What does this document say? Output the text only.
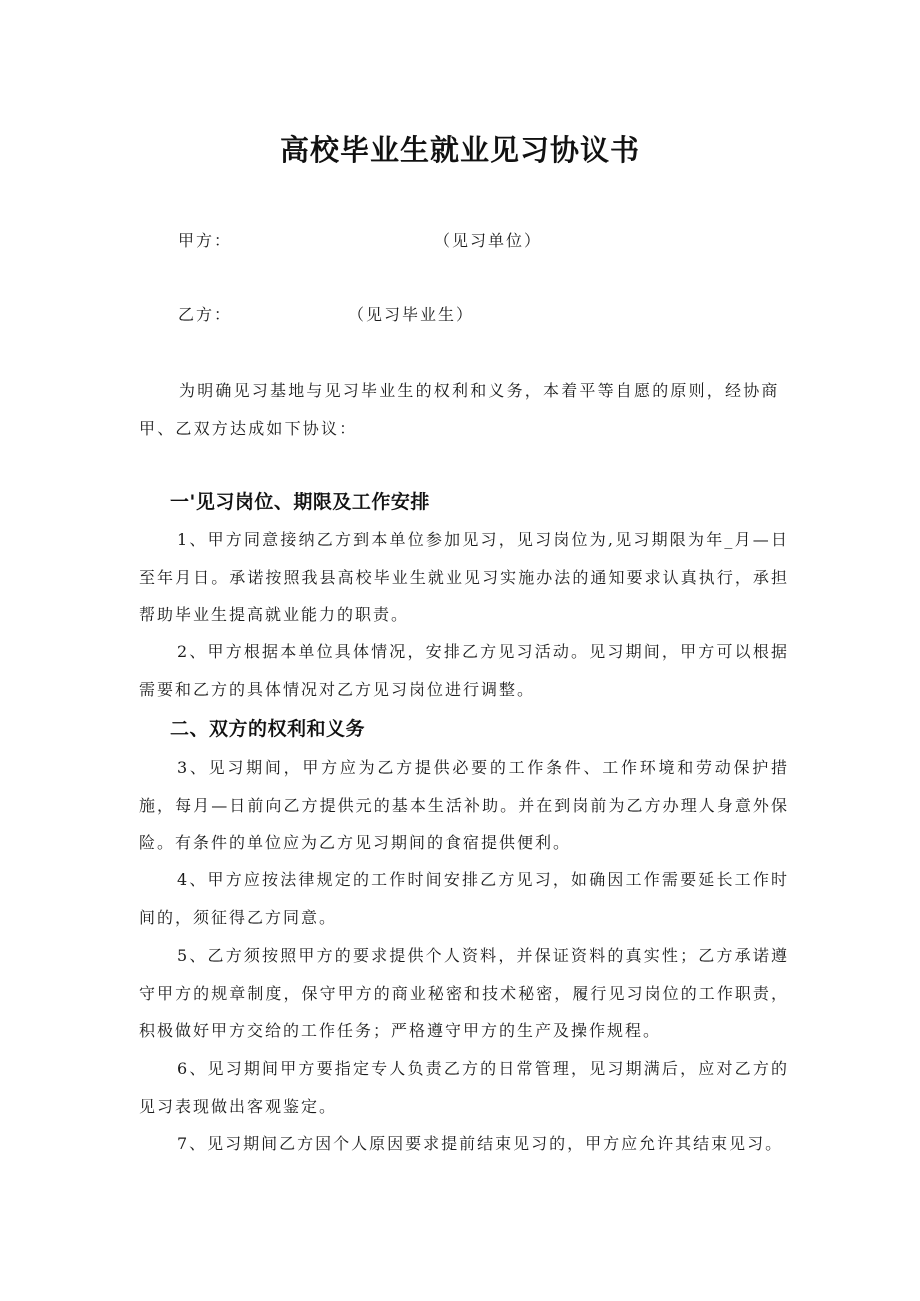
高校毕业生就业见习协议书
甲方：	（见习单位）
乙方：	（见习毕业生）

为明确见习基地与见习毕业生的权利和义务，本着平等自愿的原则，经协商甲、乙双方达成如下协议：

一'见习岗位、期限及工作安排

1、甲方同意接纳乙方到本单位参加见习，见习岗位为,见习期限为年_月—日至年月日。承诺按照我县高校毕业生就业见习实施办法的通知要求认真执行，承担帮助毕业生提高就业能力的职责。

2、甲方根据本单位具体情况，安排乙方见习活动。见习期间，甲方可以根据需要和乙方的具体情况对乙方见习岗位进行调整。

二、双方的权利和义务

3、见习期间，甲方应为乙方提供必要的工作条件、工作环境和劳动保护措施，每月—日前向乙方提供元的基本生活补助。并在到岗前为乙方办理人身意外保险。有条件的单位应为乙方见习期间的食宿提供便利。

4、甲方应按法律规定的工作时间安排乙方见习，如确因工作需要延长工作时间的，须征得乙方同意。

5、乙方须按照甲方的要求提供个人资料，并保证资料的真实性；乙方承诺遵守甲方的规章制度，保守甲方的商业秘密和技术秘密，履行见习岗位的工作职责，积极做好甲方交给的工作任务；严格遵守甲方的生产及操作规程。

6、见习期间甲方要指定专人负责乙方的日常管理，见习期满后，应对乙方的见习表现做出客观鉴定。

7、见习期间乙方因个人原因要求提前结束见习的，甲方应允许其结束见习。
